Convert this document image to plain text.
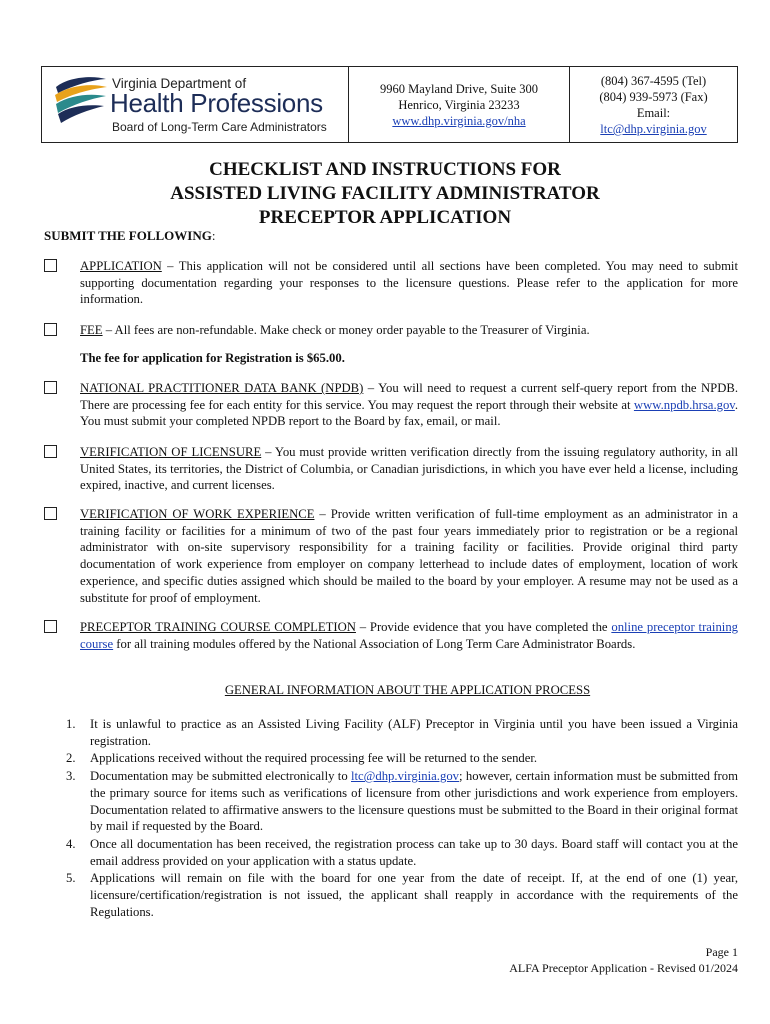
Virginia Department of
Health Professions
Board of Long-Term Care Administrators
9960 Mayland Drive, Suite 300
Henrico, Virginia 23233
www.dhp.virginia.gov/nha
(804) 367-4595 (Tel)
(804) 939-5973 (Fax)
Email:
ltc@dhp.virginia.gov
CHECKLIST AND INSTRUCTIONS FOR
ASSISTED LIVING FACILITY ADMINISTRATOR
PRECEPTOR APPLICATION
SUBMIT THE FOLLOWING:
APPLICATION – This application will not be considered until all sections have been completed. You may need to submit supporting documentation regarding your responses to the licensure questions. Please refer to the application for more information.
FEE – All fees are non-refundable. Make check or money order payable to the Treasurer of Virginia.
The fee for application for Registration is $65.00.
NATIONAL PRACTITIONER DATA BANK (NPDB) – You will need to request a current self-query report from the NPDB. There are processing fee for each entity for this service. You may request the report through their website at www.npdb.hrsa.gov. You must submit your completed NPDB report to the Board by fax, email, or mail.
VERIFICATION OF LICENSURE – You must provide written verification directly from the issuing regulatory authority, in all United States, its territories, the District of Columbia, or Canadian jurisdictions, in which you have ever held a license, including expired, inactive, and current licenses.
VERIFICATION OF WORK EXPERIENCE – Provide written verification of full-time employment as an administrator in a training facility or facilities for a minimum of two of the past four years immediately prior to registration or be a regional administrator with on-site supervisory responsibility for a training facility or facilities. Provide original third party documentation of work experience from employer on company letterhead to include dates of employment, location of work experience, and specific duties assigned which should be mailed to the board by your employer. A resume may not be used as a substitute for proof of employment.
PRECEPTOR TRAINING COURSE COMPLETION – Provide evidence that you have completed the online preceptor training course for all training modules offered by the National Association of Long Term Care Administrator Boards.
GENERAL INFORMATION ABOUT THE APPLICATION PROCESS
1. It is unlawful to practice as an Assisted Living Facility (ALF) Preceptor in Virginia until you have been issued a Virginia registration.
2. Applications received without the required processing fee will be returned to the sender.
3. Documentation may be submitted electronically to ltc@dhp.virginia.gov; however, certain information must be submitted from the primary source for items such as verifications of licensure from other jurisdictions and work experience from employers. Documentation related to affirmative answers to the licensure questions must be submitted to the Board in their original format by mail if requested by the Board.
4. Once all documentation has been received, the registration process can take up to 30 days. Board staff will contact you at the email address provided on your application with a status update.
5. Applications will remain on file with the board for one year from the date of receipt. If, at the end of one (1) year, licensure/certification/registration is not issued, the applicant shall reapply in accordance with the requirements of the Regulations.
Page 1
ALFA Preceptor Application - Revised 01/2024
